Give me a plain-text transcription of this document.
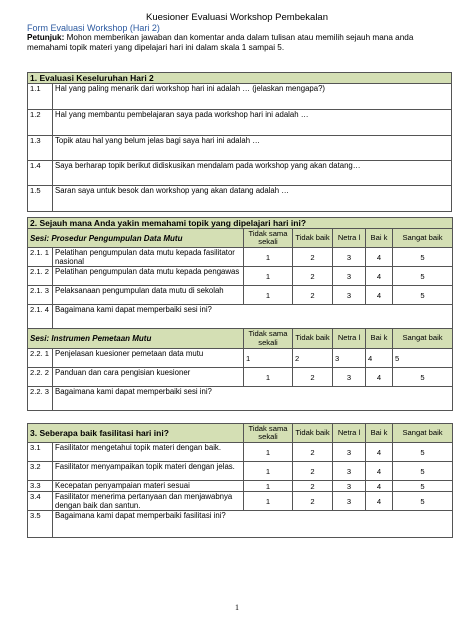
Kuesioner Evaluasi Workshop Pembekalan
Form Evaluasi Workshop (Hari 2)
Petunjuk: Mohon memberikan jawaban dan komentar anda dalam tulisan atau memilih sejauh mana anda memahami topik materi yang dipelajari hari ini dalam skala 1 sampai 5.
1. Evaluasi Keseluruhan Hari 2	
1.1	Hal yang paling menarik dari workshop hari ini adalah … (jelaskan mengapa?)
1.2	Hal yang membantu pembelajaran saya pada workshop hari ini adalah …
1.3	Topik atau hal yang belum jelas bagi saya hari ini adalah …
1.4	Saya berharap topik berikut didiskusikan mendalam pada workshop yang akan datang…
1.5	Saran saya untuk besok dan workshop yang akan datang adalah …
2. Sejauh mana Anda yakin memahami topik yang dipelajari hari ini?						
Sesi: Prosedur Pengumpulan Data Mutu		Tidak sama sekali	Tidak baik	Netra l	Bai k	Sangat baik
2.1. 1	Pelatihan pengumpulan data mutu kepada fasilitator nasional	1	2	3	4	5
2.1. 2	Pelatihan pengumpulan data mutu kepada pengawas	1	2	3	4	5
2.1. 3	Pelaksanaan pengumpulan data mutu di sekolah	1	2	3	4	5
2.1. 4	Bagaimana kami dapat memperbaiki sesi ini?					
Sesi: Instrumen Pemetaan Mutu		Tidak sama sekali	Tidak baik	Netra l	Bai k	Sangat baik
2.2. 1	Penjelasan kuesioner pemetaan data mutu	1	2	3	4	5
2.2. 2	Panduan dan cara pengisian kuesioner	1	2	3	4	5
2.2. 3	Bagaimana kami dapat memperbaiki sesi ini?					
3. Seberapa baik fasilitasi hari ini?		Tidak sama sekali	Tidak baik	Netra l	Bai k	Sangat baik
3.1	Fasilitator mengetahui topik materi dengan baik.	1	2	3	4	5
3.2	Fasilitator menyampaikan topik materi dengan jelas.	1	2	3	4	5
3.3	Kecepatan penyampaian materi sesuai	1	2	3	4	5
3.4	Fasilitator menerima pertanyaan dan menjawabnya dengan baik dan santun.	1	2	3	4	5
3.5	Bagaimana kami dapat memperbaiki fasilitasi ini?					
1
